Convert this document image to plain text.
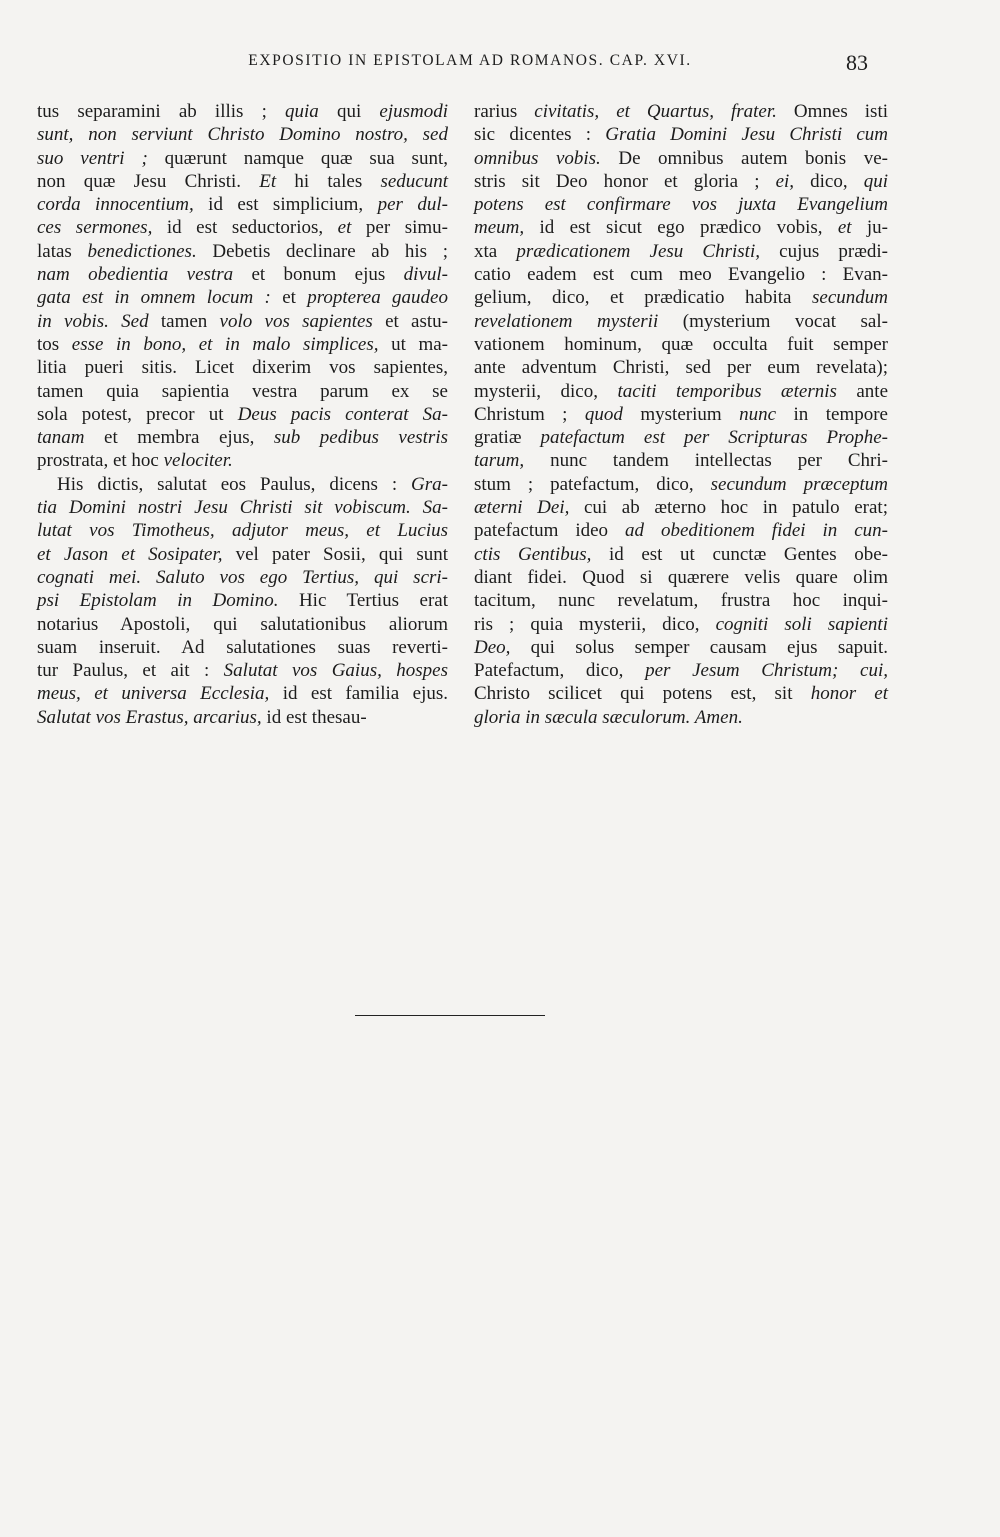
EXPOSITIO IN EPISTOLAM AD ROMANOS. CAP. XVI.	83
tus separamini ab illis ; quia qui ejusmodi
sunt, non serviunt Christo Domino nostro, sed
suo ventri ; quærunt namque quæ sua sunt,
non quæ Jesu Christi. Et hi tales seducunt
corda innocentium, id est simplicium, per dul-
ces sermones, id est seductorios, et per simu-
latas benedictiones. Debetis declinare ab his ;
nam obedientia vestra et bonum ejus divul-
gata est in omnem locum : et propterea gaudeo
in vobis. Sed tamen volo vos sapientes et astu-
tos esse in bono, et in malo simplices, ut ma-
litia pueri sitis. Licet dixerim vos sapientes,
tamen quia sapientia vestra parum ex se
sola potest, precor ut Deus pacis conterat Sa-
tanam et membra ejus, sub pedibus vestris
prostrata, et hoc velociter.
His dictis, salutat eos Paulus, dicens : Gra-
tia Domini nostri Jesu Christi sit vobiscum. Sa-
lutat vos Timotheus, adjutor meus, et Lucius
et Jason et Sosipater, vel pater Sosii, qui sunt
cognati mei. Saluto vos ego Tertius, qui scri-
psi Epistolam in Domino. Hic Tertius erat
notarius Apostoli, qui salutationibus aliorum
suam inseruit. Ad salutationes suas reverti-
tur Paulus, et ait : Salutat vos Gaius, hospes
meus, et universa Ecclesia, id est familia ejus.
Salutat vos Erastus, arcarius, id est thesau-
rarius civitatis, et Quartus, frater. Omnes isti
sic dicentes : Gratia Domini Jesu Christi cum
omnibus vobis. De omnibus autem bonis ve-
stris sit Deo honor et gloria ; ei, dico, qui
potens est confirmare vos juxta Evangelium
meum, id est sicut ego prædico vobis, et ju-
xta prædicationem Jesu Christi, cujus prædi-
catio eadem est cum meo Evangelio : Evan-
gelium, dico, et prædicatio habita secundum
revelationem mysterii (mysterium vocat sal-
vationem hominum, quæ occulta fuit semper
ante adventum Christi, sed per eum revelata);
mysterii, dico, taciti temporibus æternis ante
Christum ; quod mysterium nunc in tempore
gratiæ patefactum est per Scripturas Prophe-
tarum, nunc tandem intellectas per Chri-
stum ; patefactum, dico, secundum præceptum
æterni Dei, cui ab æterno hoc in patulo erat;
patefactum ideo ad obeditionem fidei in cun-
ctis Gentibus, id est ut cunctæ Gentes obe-
diant fidei. Quod si quærere velis quare olim
tacitum, nunc revelatum, frustra hoc inqui-
ris ; quia mysterii, dico, cogniti soli sapienti
Deo, qui solus semper causam ejus sapuit.
Patefactum, dico, per Jesum Christum; cui,
Christo scilicet qui potens est, sit honor et
gloria in sæcula sæculorum. Amen.
